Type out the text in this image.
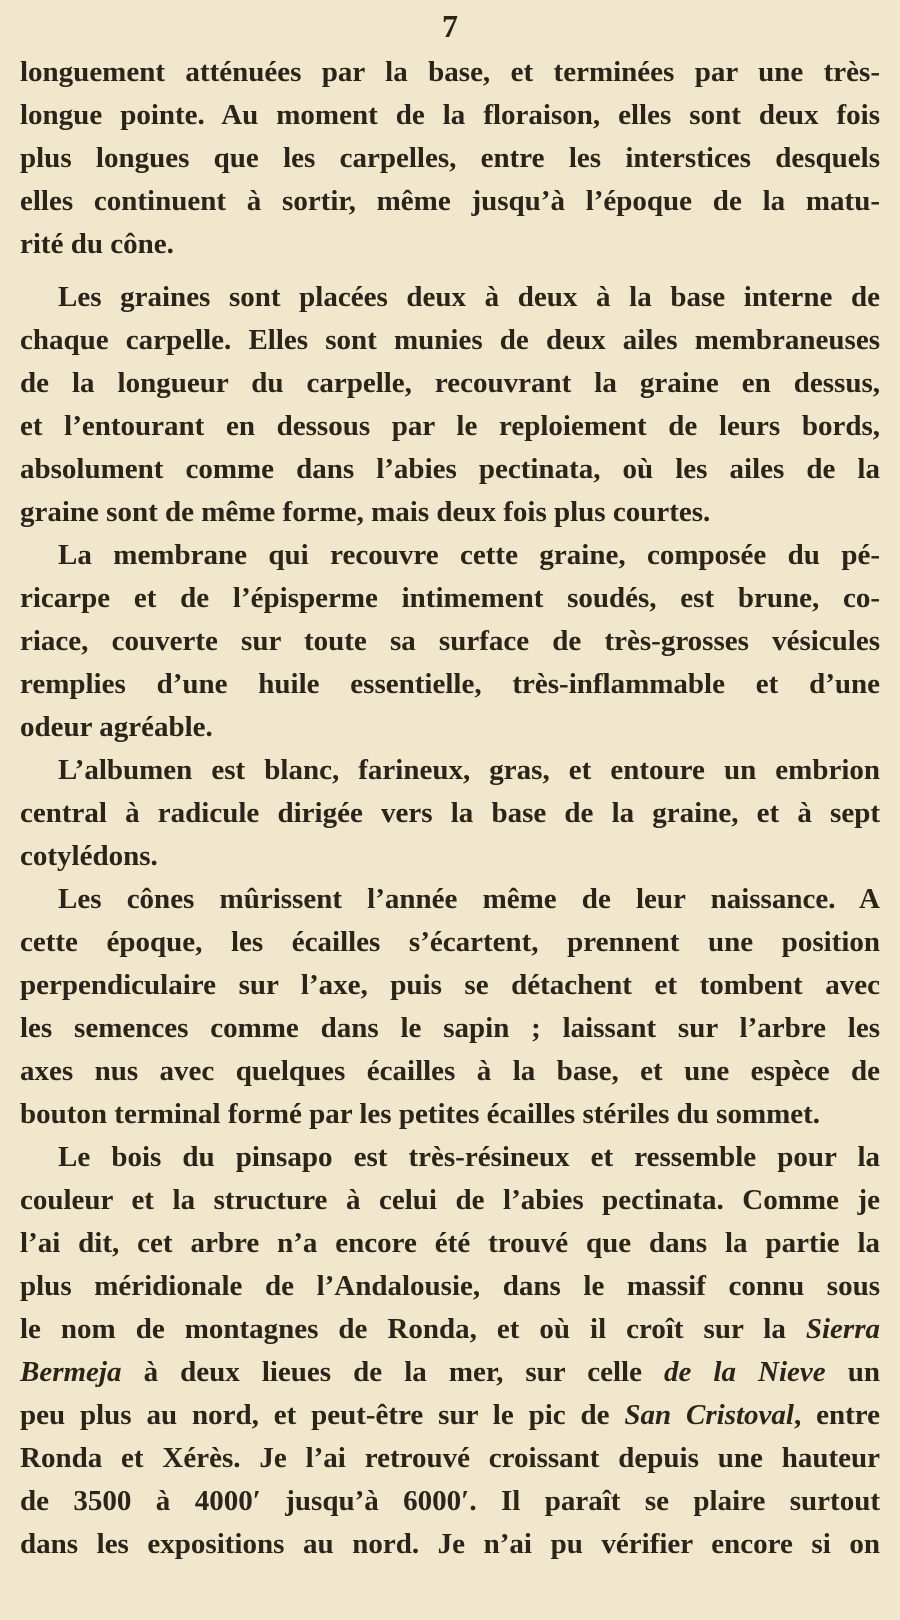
7
longuement atténuées par la base, et terminées par une très-
longue pointe. Au moment de la floraison, elles sont deux fois
plus longues que les carpelles, entre les interstices desquels
elles continuent à sortir, même jusqu’à l’époque de la matu-
rité du cône.
Les graines sont placées deux à deux à la base interne de
chaque carpelle. Elles sont munies de deux ailes membraneuses
de la longueur du carpelle, recouvrant la graine en dessus,
et l’entourant en dessous par le reploiement de leurs bords,
absolument comme dans l’abies pectinata, où les ailes de la
graine sont de même forme, mais deux fois plus courtes.
La membrane qui recouvre cette graine, composée du pé-
ricarpe et de l’épisperme intimement soudés, est brune, co-
riace, couverte sur toute sa surface de très-grosses vésicules
remplies d’une huile essentielle, très-inflammable et d’une
odeur agréable.
L’albumen est blanc, farineux, gras, et entoure un embrion
central à radicule dirigée vers la base de la graine, et à sept
cotylédons.
Les cônes mûrissent l’année même de leur naissance. A
cette époque, les écailles s’écartent, prennent une position
perpendiculaire sur l’axe, puis se détachent et tombent avec
les semences comme dans le sapin ; laissant sur l’arbre les
axes nus avec quelques écailles à la base, et une espèce de
bouton terminal formé par les petites écailles stériles du sommet.
Le bois du pinsapo est très-résineux et ressemble pour la
couleur et la structure à celui de l’abies pectinata. Comme je
l’ai dit, cet arbre n’a encore été trouvé que dans la partie la
plus méridionale de l’Andalousie, dans le massif connu sous
le nom de montagnes de Ronda, et où il croît sur la Sierra
Bermeja à deux lieues de la mer, sur celle de la Nieve un
peu plus au nord, et peut-être sur le pic de San Cristoval, entre
Ronda et Xérès. Je l’ai retrouvé croissant depuis une hauteur
de 3500 à 4000′ jusqu’à 6000′. Il paraît se plaire surtout
dans les expositions au nord. Je n’ai pu vérifier encore si on
